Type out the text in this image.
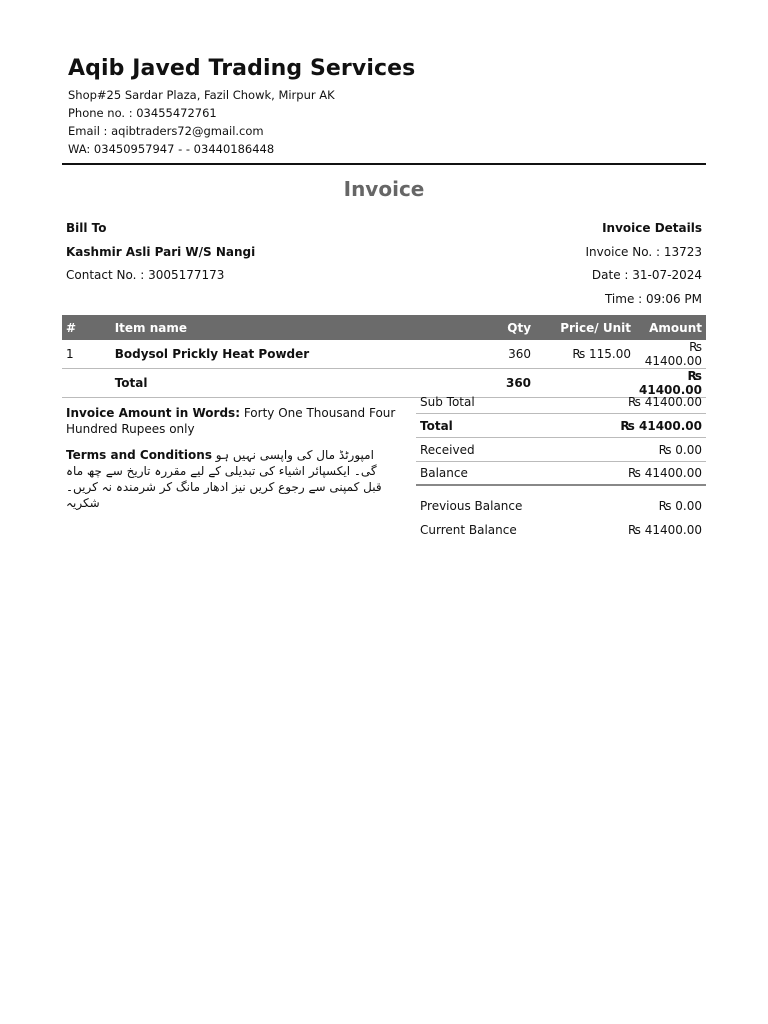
Aqib Javed Trading Services
Shop#25 Sardar Plaza, Fazil Chowk, Mirpur AK
Phone no. : 03455472761
Email : aqibtraders72@gmail.com
WA: 03450957947 - - 03440186448
Invoice
Bill To
Kashmir Asli Pari W/S Nangi
Contact No. : 3005177173
Invoice Details
Invoice No. : 13723
Date : 31-07-2024
Time : 09:06 PM
#	Item name	Qty	Price/ Unit	Amount
1	Bodysol Prickly Heat Powder	360	₨ 115.00	₨ 41400.00
	Total	360		₨ 41400.00
Invoice Amount in Words: Forty One Thousand Four Hundred Rupees only
Terms and Conditions امپورٹڈ مال کی واپسی نہیں ہو گی۔ ایکسپائر اشیاء کی تبدیلی کے لیے مقررہ تاریخ سے چھ ماہ قبل کمپنی سے رجوع کریں نیز ادھار مانگ کر شرمندہ نہ کریں۔ شکریہ
Sub Total	₨ 41400.00
Total	₨ 41400.00
Received	₨ 0.00
Balance	₨ 41400.00
Previous Balance	₨ 0.00
Current Balance	₨ 41400.00
